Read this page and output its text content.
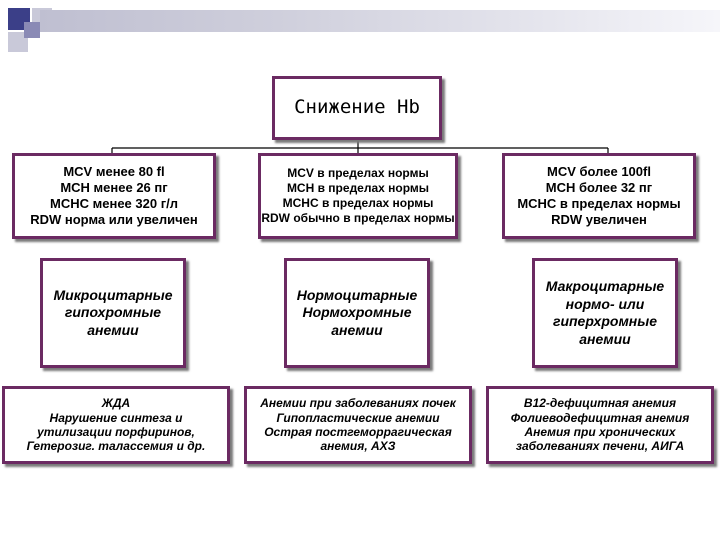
Снижение Hb
MCV менее 80 fl
MCH менее 26 пг
MCHC менее 320 г/л
RDW норма или увеличен
Микроцитарные
гипохромные
анемии
ЖДА
Нарушение синтеза и
утилизации порфиринов,
Гетерозиг. талассемия и др.
MCV в пределах нормы
MCH в пределах нормы
MCHC в пределах нормы
RDW обычно в пределах нормы
Нормоцитарные
Нормохромные
анемии
Анемии при заболеваниях почек
Гипопластические анемии
Острая постгеморрагическая
анемия, АХЗ
MCV более 100fl
MCH более 32 пг
MCHC в пределах нормы
RDW увеличен
Макроцитарные
нормо- или
гиперхромные
анемии
В12-дефицитная анемия
Фолиеводефицитная анемия
Анемия при хронических
заболеваниях печени, АИГА
